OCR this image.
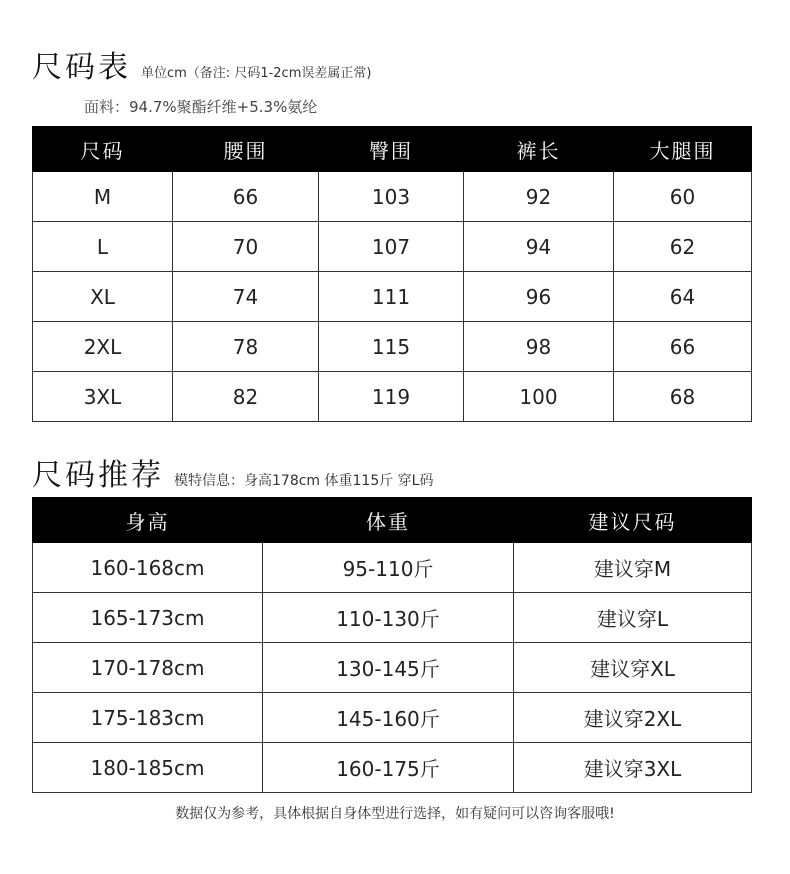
尺码表 单位cm（备注: 尺码1-2cm误差属正常)
面料：94.7%聚酯纤维+5.3%氨纶
尺码	腰围	臀围	裤长	大腿围
M	66	103	92	60
L	70	107	94	62
XL	74	111	96	64
2XL	78	115	98	66
3XL	82	119	100	68
尺码推荐 模特信息：身高178cm 体重115斤 穿L码
身高	体重	建议尺码
160-168cm	95-110斤	建议穿M
165-173cm	110-130斤	建议穿L
170-178cm	130-145斤	建议穿XL
175-183cm	145-160斤	建议穿2XL
180-185cm	160-175斤	建议穿3XL
数据仅为参考，具体根据自身体型进行选择，如有疑问可以咨询客服哦!
